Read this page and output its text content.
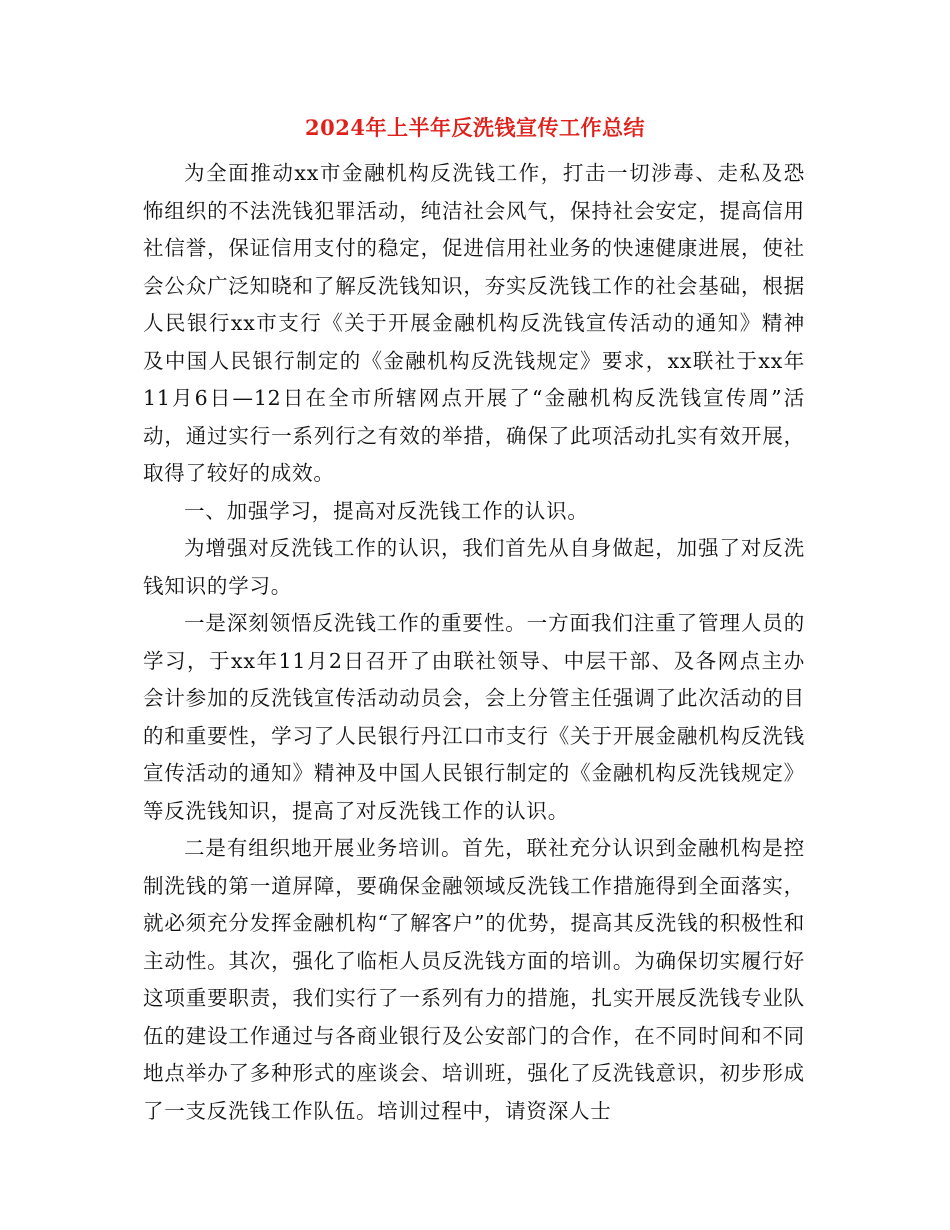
2024年上半年反洗钱宣传工作总结

为全面推动xx市金融机构反洗钱工作，打击一切涉毒、走私及恐怖组织的不法洗钱犯罪活动，纯洁社会风气，保持社会安定，提高信用社信誉，保证信用支付的稳定，促进信用社业务的快速健康进展，使社会公众广泛知晓和了解反洗钱知识，夯实反洗钱工作的社会基础，根据人民银行xx市支行《关于开展金融机构反洗钱宣传活动的通知》精神及中国人民银行制定的《金融机构反洗钱规定》要求，xx联社于xx年11月6日—12日在全市所辖网点开展了“金融机构反洗钱宣传周”活动，通过实行一系列行之有效的举措，确保了此项活动扎实有效开展，取得了较好的成效。

一、加强学习，提高对反洗钱工作的认识。

为增强对反洗钱工作的认识，我们首先从自身做起，加强了对反洗钱知识的学习。

一是深刻领悟反洗钱工作的重要性。一方面我们注重了管理人员的学习，于xx年11月2日召开了由联社领导、中层干部、及各网点主办会计参加的反洗钱宣传活动动员会，会上分管主任强调了此次活动的目的和重要性，学习了人民银行丹江口市支行《关于开展金融机构反洗钱宣传活动的通知》精神及中国人民银行制定的《金融机构反洗钱规定》等反洗钱知识，提高了对反洗钱工作的认识。

二是有组织地开展业务培训。首先，联社充分认识到金融机构是控制洗钱的第一道屏障，要确保金融领域反洗钱工作措施得到全面落实，就必须充分发挥金融机构“了解客户”的优势，提高其反洗钱的积极性和主动性。其次，强化了临柜人员反洗钱方面的培训。为确保切实履行好这项重要职责，我们实行了一系列有力的措施，扎实开展反洗钱专业队伍的建设工作通过与各商业银行及公安部门的合作，在不同时间和不同地点举办了多种形式的座谈会、培训班，强化了反洗钱意识，初步形成了一支反洗钱工作队伍。培训过程中，请资深人士
